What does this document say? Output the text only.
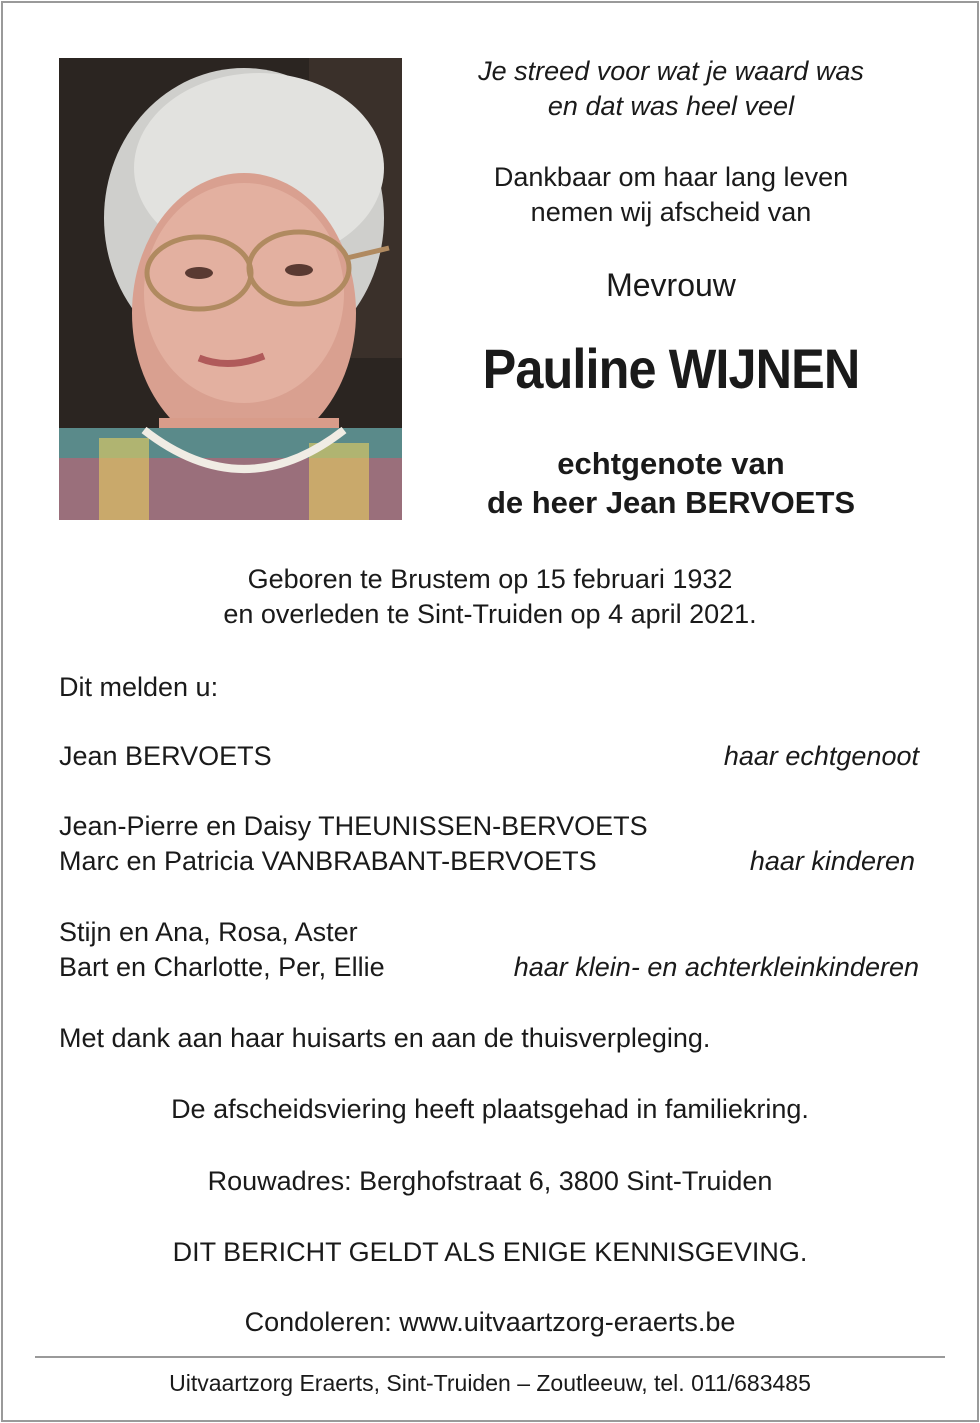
Je streed voor wat je waard was
en dat was heel veel
Dankbaar om haar lang leven
nemen wij afscheid van
Mevrouw
Pauline WIJNEN
echtgenote van
de heer Jean BERVOETS
Geboren te Brustem op 15 februari 1932
en overleden te Sint-Truiden op 4 april 2021.
Dit melden u:
Jean BERVOETS	haar echtgenoot
Jean-Pierre en Daisy THEUNISSEN-BERVOETS
Marc en Patricia VANBRABANT-BERVOETS	haar kinderen
Stijn en Ana, Rosa, Aster
Bart en Charlotte, Per, Ellie	haar klein- en achterkleinkinderen
Met dank aan haar huisarts en aan de thuisverpleging.
De afscheidsviering heeft plaatsgehad in familiekring.
Rouwadres: Berghofstraat 6, 3800 Sint-Truiden
DIT BERICHT GELDT ALS ENIGE KENNISGEVING.
Condoleren: www.uitvaartzorg-eraerts.be
Uitvaartzorg Eraerts, Sint-Truiden – Zoutleeuw, tel. 011/683485
